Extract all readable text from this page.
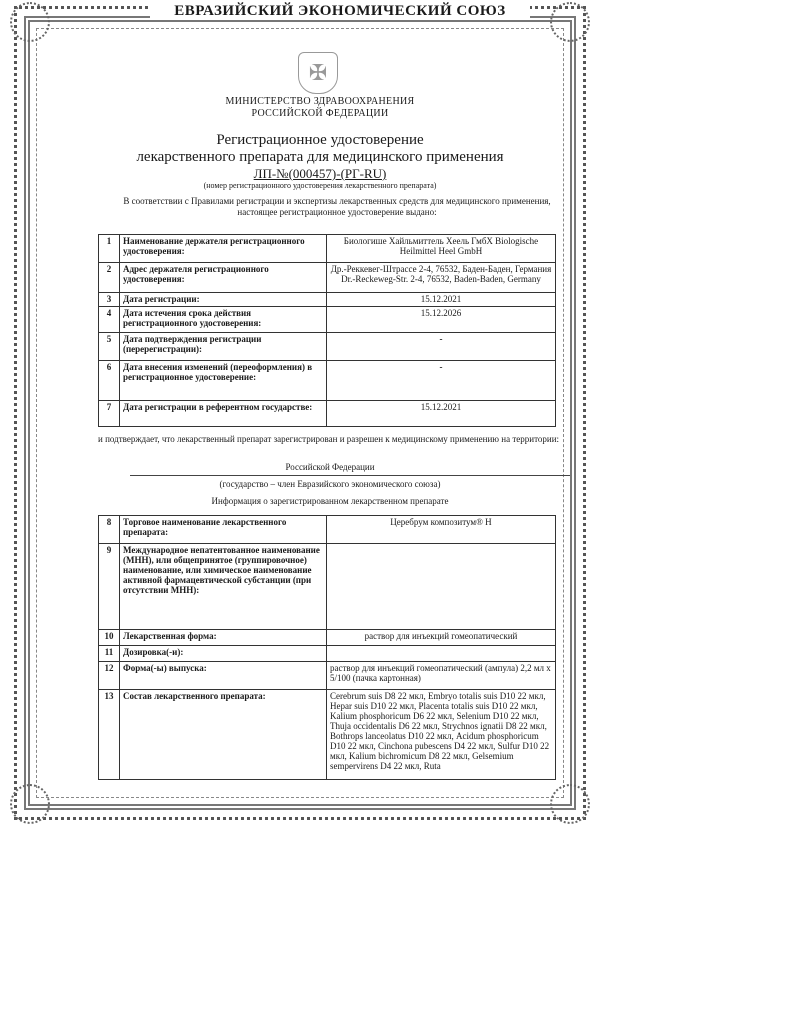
ЕВРАЗИЙСКИЙ ЭКОНОМИЧЕСКИЙ СОЮЗ
✠
МИНИСТЕРСТВО ЗДРАВООХРАНЕНИЯ
РОССИЙСКОЙ ФЕДЕРАЦИИ
Регистрационное удостоверение
лекарственного препарата для медицинского применения
ЛП-№(000457)-(РГ-RU)
(номер регистрационного удостоверения лекарственного препарата)
В соответствии с Правилами регистрации и экспертизы лекарственных средств для медицинского применения, настоящее регистрационное удостоверение выдано:
1	Наименование держателя регистрационного удостоверения:	Биологише Хайльмиттель Хеель ГмбХ Biologische Heilmittel Heel GmbH
2	Адрес держателя регистрационного удостоверения:	Др.-Реккевег-Штрассе 2-4, 76532, Баден-Баден, Германия Dr.-Reckeweg-Str. 2-4, 76532, Baden-Baden, Germany
3	Дата регистрации:	15.12.2021
4	Дата истечения срока действия регистрационного удостоверения:	15.12.2026
5	Дата подтверждения регистрации (перерегистрации):	-
6	Дата внесения изменений (переоформления) в регистрационное удостоверение:	-
7	Дата регистрации в референтном государстве:	15.12.2021
и подтверждает, что лекарственный препарат зарегистрирован и разрешен к медицинскому применению на территории:
Российской Федерации
(государство – член Евразийского экономического союза)
Информация о зарегистрированном лекарственном препарате
8	Торговое наименование лекарственного препарата:	Церебрум композитум® Н
9	Международное непатентованное наименование (МНН), или общепринятое (группировочное) наименование, или химическое наименование активной фармацевтической субстанции (при отсутствии МНН):	
10	Лекарственная форма:	раствор для инъекций гомеопатический
11	Дозировка(-и):	
12	Форма(-ы) выпуска:	раствор для инъекций гомеопатический (ампула) 2,2 мл x 5/100 (пачка картонная)
13	Состав лекарственного препарата:	Cerebrum suis D8 22 мкл, Embryo totalis suis D10 22 мкл, Hepar suis D10 22 мкл, Placenta totalis suis D10 22 мкл, Kalium phosphoricum D6 22 мкл, Selenium D10 22 мкл, Thuja occidentalis D6 22 мкл, Strychnos ignatii D8 22 мкл, Bothrops lanceolatus D10 22 мкл, Acidum phosphoricum D10 22 мкл, Cinchona pubescens D4 22 мкл, Sulfur D10 22 мкл, Kalium bichromicum D8 22 мкл, Gelsemium sempervirens D4 22 мкл, Ruta
